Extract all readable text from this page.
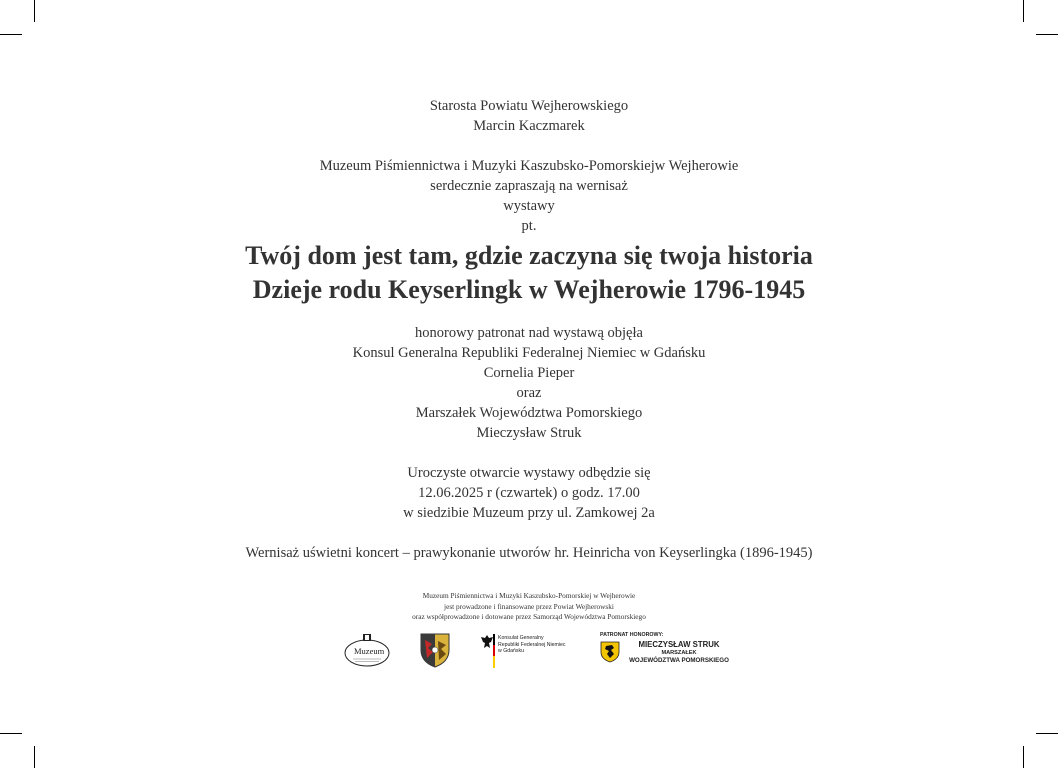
Starosta Powiatu Wejherowskiego
Marcin Kaczmarek
Muzeum Piśmiennictwa i Muzyki Kaszubsko-Pomorskiejw Wejherowie
serdecznie zapraszają na wernisaż
wystawy
pt.
Twój dom jest tam, gdzie zaczyna się twoja historia
Dzieje rodu Keyserlingk w Wejherowie 1796-1945
honorowy patronat nad wystawą objęła
Konsul Generalna Republiki Federalnej Niemiec w Gdańsku
Cornelia Pieper
oraz
Marszałek Województwa Pomorskiego
Mieczysław Struk
Uroczyste otwarcie wystawy odbędzie się
12.06.2025 r (czwartek) o godz. 17.00
w siedzibie Muzeum przy ul. Zamkowej 2a
Wernisaż uświetni koncert – prawykonanie utworów hr. Heinricha von Keyserlingka (1896-1945)
Muzeum Piśmiennictwa i Muzyki Kaszubsko-Pomorskiej w Wejherowie
jest prowadzone i finansowane przez Powiat Wejherowski
oraz współprowadzone i dotowane przez Samorząd Województwa Pomorskiego
Muzeum
Konsulat Generalny
Republiki Federalnej Niemiec
w Gdańsku
PATRONAT HONOROWY:
MIECZYSŁAW STRUK
MARSZAŁEK
WOJEWÓDZTWA POMORSKIEGO
